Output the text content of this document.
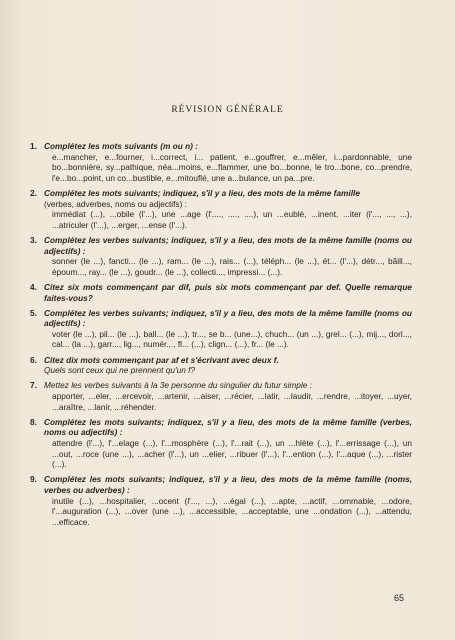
RÉVISION GÉNÉRALE
1. Complétez les mots suivants (m ou n) :
e...mancher, e...fourner, i...correct, i... patient, e...gouffrer, e...mêler, i...pardonnable, une bo...bonnière, sy...pathique, néa...moins, e...flammer, une bo...bonne, le tro...bone, co...prendre, l'e...bo...point, un co...bustible, e...mitouflé, une a...bulance, un pa...pre.
2. Complétez les mots suivants; indiquez, s'il y a lieu, des mots de la même famille
(verbes, adverbes, noms ou adjectifs) :
immédiat (...), ...obile (l'...), une ...age (l'...., ...., ....), un ...eublé, ...inent, ...iter (l'..., ..., ...), ...atriculer (l'...), ...erger, ...ense (l'...).
3. Complétez les verbes suivants; indiquez, s'il y a lieu, des mots de la même famille (noms ou adjectifs) :
sonner (le ...), fancti... (le ...), ram... (le ...), rais... (...), téléph... (le ...), ét... (l'...), détr..., bâill..., époum..., ray... (le ...), goudr... (le ...), collecti..., impressi... (...).
4. Citez six mots commençant par dif, puis six mots commençant par def. Quelle remarque faites-vous?
5. Complétez les verbes suivants; indiquez, s'il y a lieu, des mots de la même famille (noms ou adjectifs) :
voter (le ...), pil... (le ...), ball... (le ...), tr..., se b... (une...), chuch... (un ...), grel... (...), mij..., dorl..., cal... (la ...), garr..., lig..., numér..., fl... (...), clign... (...), fr... (le ...).
6. Citez dix mots commençant par af et s'écrivant avec deux f.
Quels sont ceux qui ne prennent qu'un f?
7. Mettez les verbes suivants à la 3e personne du singulier du futur simple :
apporter, ...eler, ...ercevoir, ...artenir, ...aiser, ...récier, ...latir, ...laudir, ...rendre, ...itoyer, ...uyer, ...araître, ...lanir, ...réhender.
8. Complétez les mots suivants; indiquez, s'il y a lieu, des mots de la même famille (verbes, noms ou adjectifs) :
attendre (l'...), l'...elage (...), l'...mosphère (...), l'...rait (...), un ...hlète (...), l'...errissage (...), un ...out, ...roce (une ...), ...acher (l'...), un ...elier, ...ribuer (l'...), l'...ention (...), l'...aque (...), ...rister (...).
9. Complétez les mots suivants; indiquez, s'il y a lieu, des mots de la même famille (noms, verbes ou adverbes) :
inutile (...), ...hospitalier, ...ocent (l'..., ...), ...égal (...), ...apte, ...actif, ...ommable, ...odore, l'...auguration (...), ...over (une ...), ...accessible, ...acceptable, une ...ondation (...), ...attendu, ...efficace.
65
